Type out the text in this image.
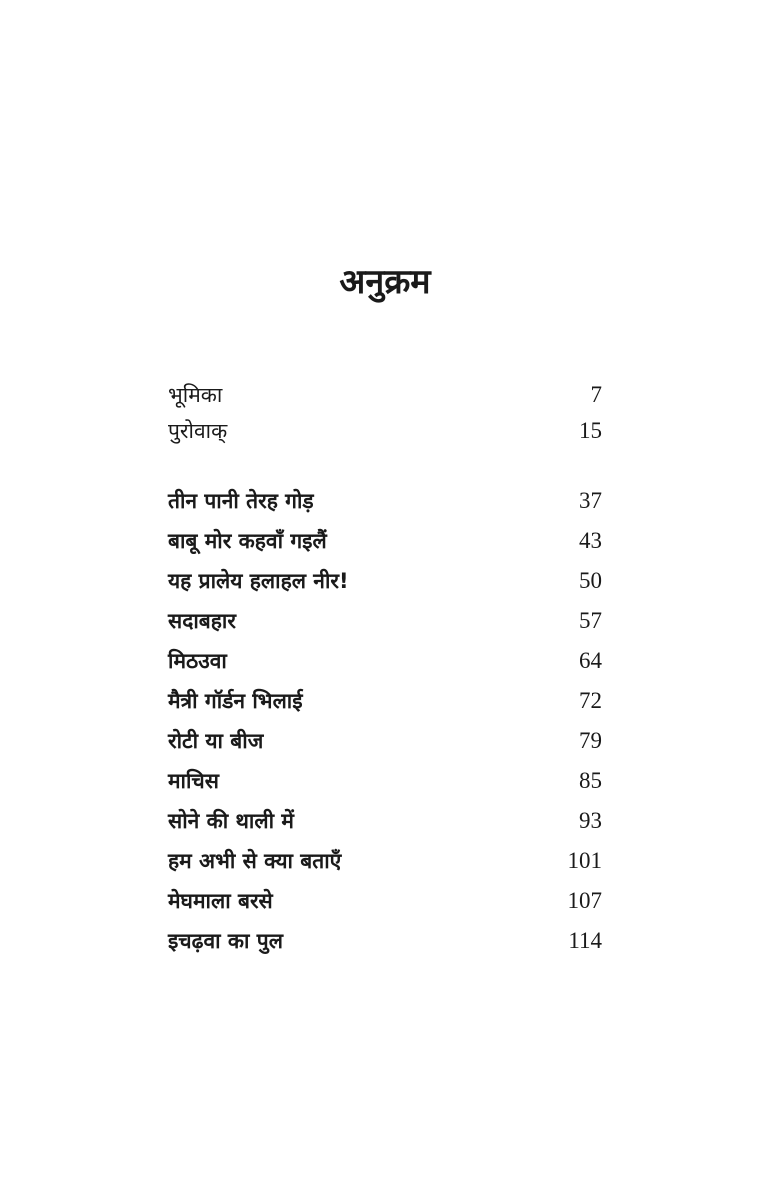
अनुक्रम
भूमिका	7
पुरोवाक्	15
तीन पानी तेरह गोड़	37
बाबू मोर कहवाँ गइलैं	43
यह प्रालेय हलाहल नीर!	50
सदाबहार	57
मिठउवा	64
मैत्री गॉर्डन भिलाई	72
रोटी या बीज	79
माचिस	85
सोने की थाली में	93
हम अभी से क्या बताएँ	101
मेघमाला बरसे	107
इचढ़वा का पुल	114
